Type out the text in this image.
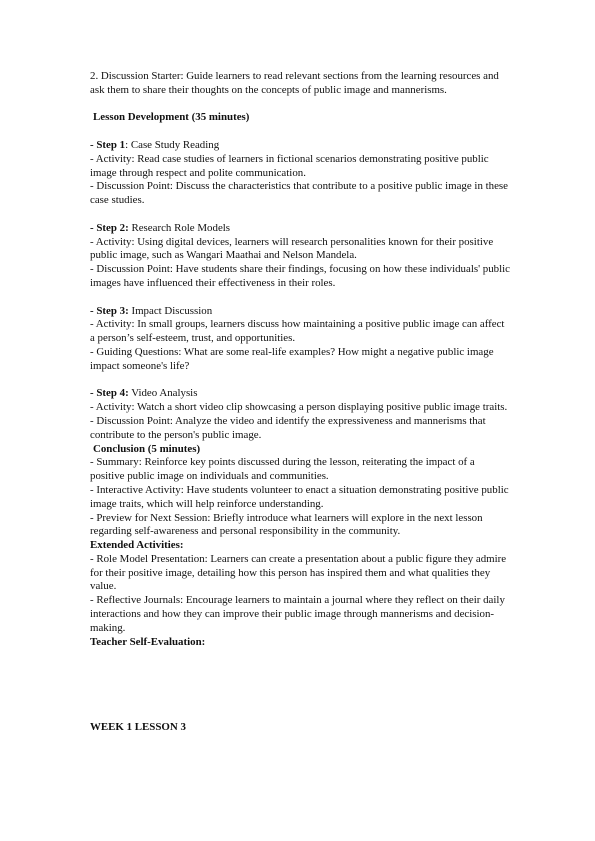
2. Discussion Starter: Guide learners to read relevant sections from the learning resources and ask them to share their thoughts on the concepts of public image and mannerisms.

Lesson Development (35 minutes)

- Step 1: Case Study Reading

- Activity: Read case studies of learners in fictional scenarios demonstrating positive public image through respect and polite communication.

- Discussion Point: Discuss the characteristics that contribute to a positive public image in these case studies.

- Step 2: Research Role Models

- Activity: Using digital devices, learners will research personalities known for their positive public image, such as Wangari Maathai and Nelson Mandela.

- Discussion Point: Have students share their findings, focusing on how these individuals' public images have influenced their effectiveness in their roles.

- Step 3: Impact Discussion

- Activity: In small groups, learners discuss how maintaining a positive public image can affect a person’s self-esteem, trust, and opportunities.

- Guiding Questions: What are some real-life examples? How might a negative public image impact someone's life?

- Step 4: Video Analysis

- Activity: Watch a short video clip showcasing a person displaying positive public image traits.

- Discussion Point: Analyze the video and identify the expressiveness and mannerisms that contribute to the person's public image.

Conclusion (5 minutes)

- Summary: Reinforce key points discussed during the lesson, reiterating the impact of a positive public image on individuals and communities.

- Interactive Activity: Have students volunteer to enact a situation demonstrating positive public image traits, which will help reinforce understanding.

- Preview for Next Session: Briefly introduce what learners will explore in the next lesson regarding self-awareness and personal responsibility in the community.

Extended Activities:

- Role Model Presentation: Learners can create a presentation about a public figure they admire for their positive image, detailing how this person has inspired them and what qualities they value.

- Reflective Journals: Encourage learners to maintain a journal where they reflect on their daily interactions and how they can improve their public image through mannerisms and decision-making.

Teacher Self-Evaluation:

WEEK 1 LESSON 3
